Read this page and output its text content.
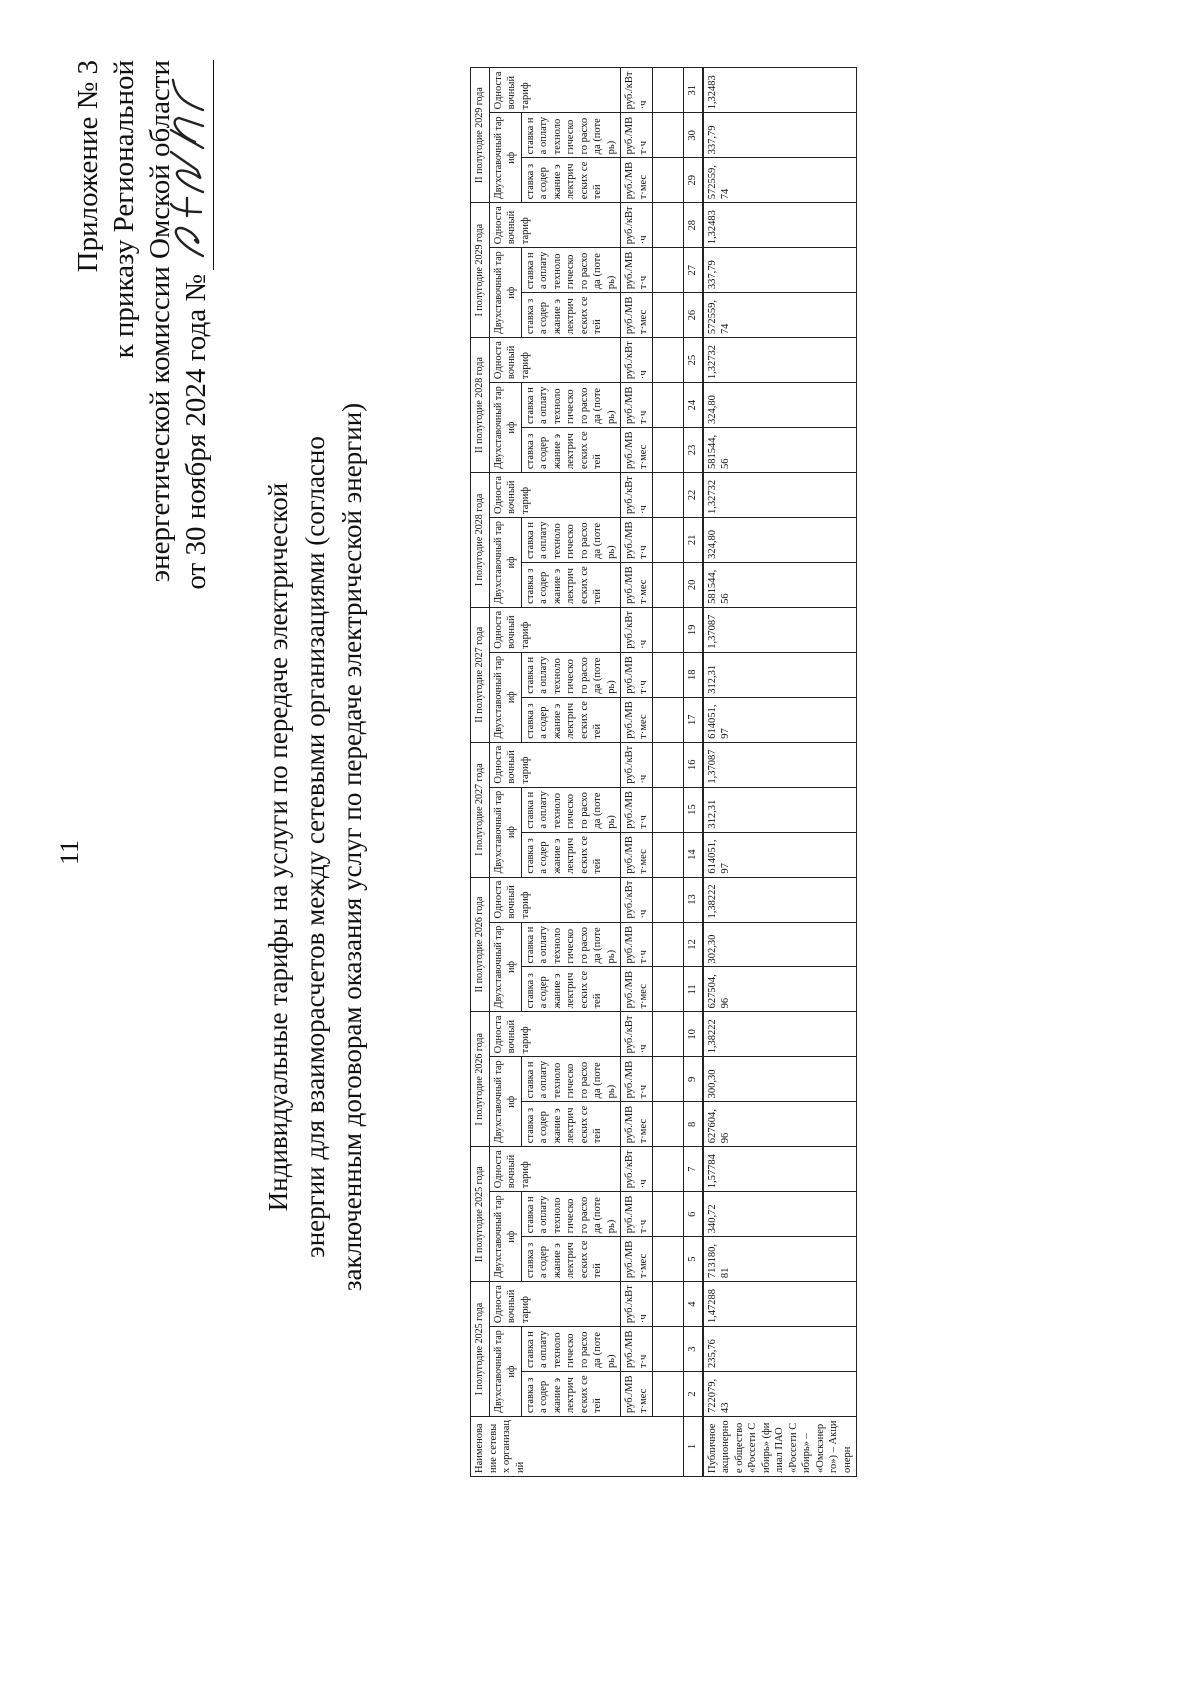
11
Приложение № 3 к приказу Региональной энергетической комиссии Омской области от 30 ноября 2024 года №
Индивидуальные тарифы на услуги по передаче электрической энергии для взаиморасчетов между сетевыми организациями (согласно заключенным договорам оказания услуг по передаче электрической энергии)
Наименование сетевых организаций	I полугодие 2025 года			II полугодие 2025 года			I полугодие 2026 года			II полугодие 2026 года			I полугодие 2027 года			II полугодие 2027 года			I полугодие 2028 года			II полугодие 2028 года			I полугодие 2029 года			II полугодие 2029 года		
	Двухставочный тариф		Одноставочный тариф	Двухставочный тариф		Одноставочный тариф	Двухставочный тариф		Одноставочный тариф	Двухставочный тариф		Одноставочный тариф	Двухставочный тариф		Одноставочный тариф	Двухставочный тариф		Одноставочный тариф	Двухставочный тариф		Одноставочный тариф	Двухставочный тариф		Одноставочный тариф	Двухставочный тариф		Одноставочный тариф	Двухставочный тариф		Одноставочный тариф
	ставка за содержание электрических сетей	ставка на оплату технологического расхода (потерь)		ставка за содержание электрических сетей	ставка на оплату технологического расхода (потерь)		ставка за содержание электрических сетей	ставка на оплату технологического расхода (потерь)		ставка за содержание электрических сетей	ставка на оплату технологического расхода (потерь)		ставка за содержание электрических сетей	ставка на оплату технологического расхода (потерь)		ставка за содержание электрических сетей	ставка на оплату технологического расхода (потерь)		ставка за содержание электрических сетей	ставка на оплату технологического расхода (потерь)		ставка за содержание электрических сетей	ставка на оплату технологического расхода (потерь)		ставка за содержание электрических сетей	ставка на оплату технологического расхода (потерь)		ставка за содержание электрических сетей	ставка на оплату технологического расхода (потерь)	
	руб./МВт·мес	руб./МВт·ч	руб./кВт·ч	руб./МВт·мес	руб./МВт·ч	руб./кВт·ч	руб./МВт·мес	руб./МВт·ч	руб./кВт·ч	руб./МВт·мес	руб./МВт·ч	руб./кВт·ч	руб./МВт·мес	руб./МВт·ч	руб./кВт·ч	руб./МВт·мес	руб./МВт·ч	руб./кВт·ч	руб./МВт·мес	руб./МВт·ч	руб./кВт·ч	руб./МВт·мес	руб./МВт·ч	руб./кВт·ч	руб./МВт·мес	руб./МВт·ч	руб./кВт·ч	руб./МВт·мес	руб./МВт·ч	руб./кВт·ч

1	2	3	4	5	6	7	8	9	10	11	12	13	14	15	16	17	18	19	20	21	22	23	24	25	26	27	28	29	30	31
Публичное акционерное общество «Россети Сибирь» (филиал ПАО «Россети Сибирь» – «Омскэнерго») – Акционерн	722079,43	235,76	1,47288	713180,81	340,72	1,57784	627604,96	300,30	1,38222	627504,96	302,30	1,38222	614051,97	312,31	1,37087	614051,97	312,31	1,37087	581544,56	324,80	1,32732	581544,56	324,80	1,32732	572559,74	337,79	1,32483	572559,74	337,79	1,32483
